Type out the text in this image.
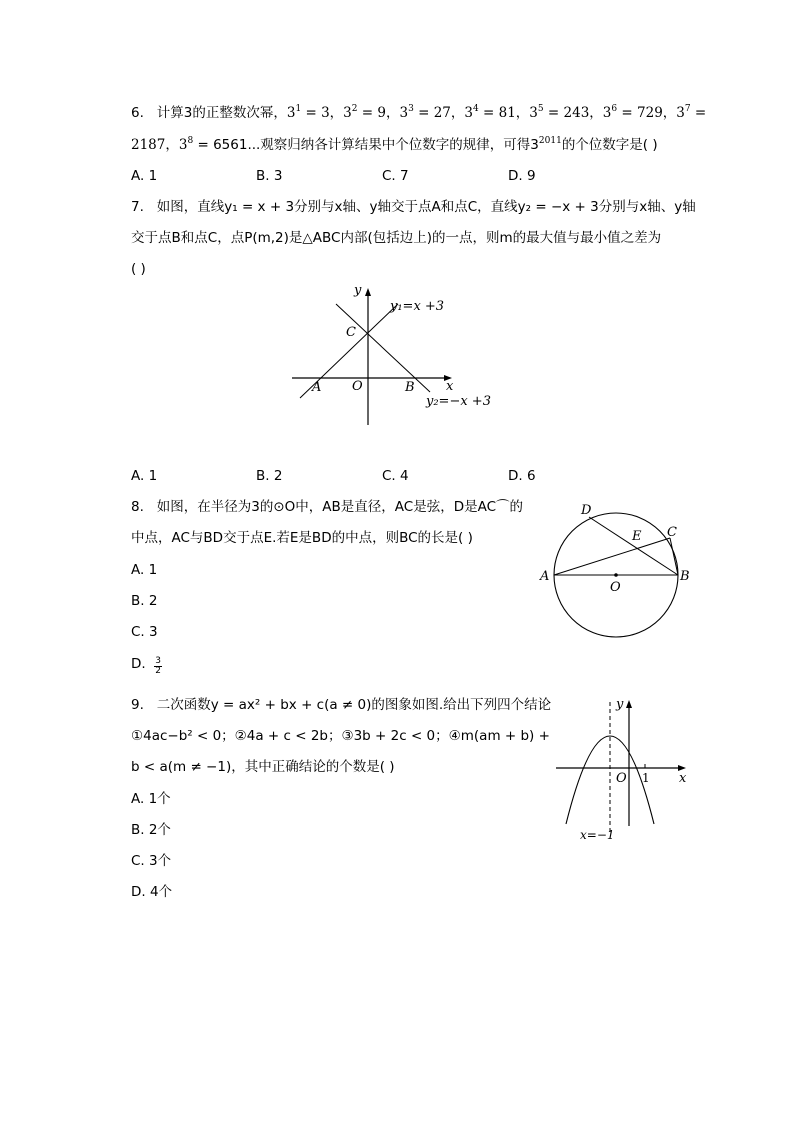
6. 计算3的正整数次幂，$3^1 = 3$，$3^2 = 9$，$3^3 = 27$，$3^4 = 81$，$3^5 = 243$，$3^6 = 729$，$3^7$ =
2187，$3^8 = 6561$...观察归纳各计算结果中个位数字的规律，可得$3^{2011}$的个位数字是( )
A. 1	B. 3	C. 7	D. 9
7. 如图，直线y₁ = x + 3分别与x轴、y轴交于点A和点C，直线y₂ = −x + 3分别与x轴、y轴
交于点B和点C，点P(m,2)是△ABC内部(包括边上)的一点，则m的最大值与最小值之差为
( )
y
x
O
A	B
C
y₁=x +3
y₂=−x +3
A. 1	B. 2	C. 4	D. 6
8. 如图，在半径为3的⊙O中，AB是直径，AC是弦，D是AC⌒的
中点，AC与BD交于点E.若E是BD的中点，则BC的长是( )
A. 1
B. 2
C. 3
D. $\frac{3}{2}$
A	B
C
D
E
O
9. 二次函数y = ax² + bx + c(a ≠ 0)的图象如图.给出下列四个结论
①4ac−b² < 0；②4a + c < 2b；③3b + 2c < 0；④m(am + b) +
b < a(m ≠ −1)，其中正确结论的个数是( )
A. 1个
B. 2个
C. 3个
D. 4个
y
x
O 1
x=−1
